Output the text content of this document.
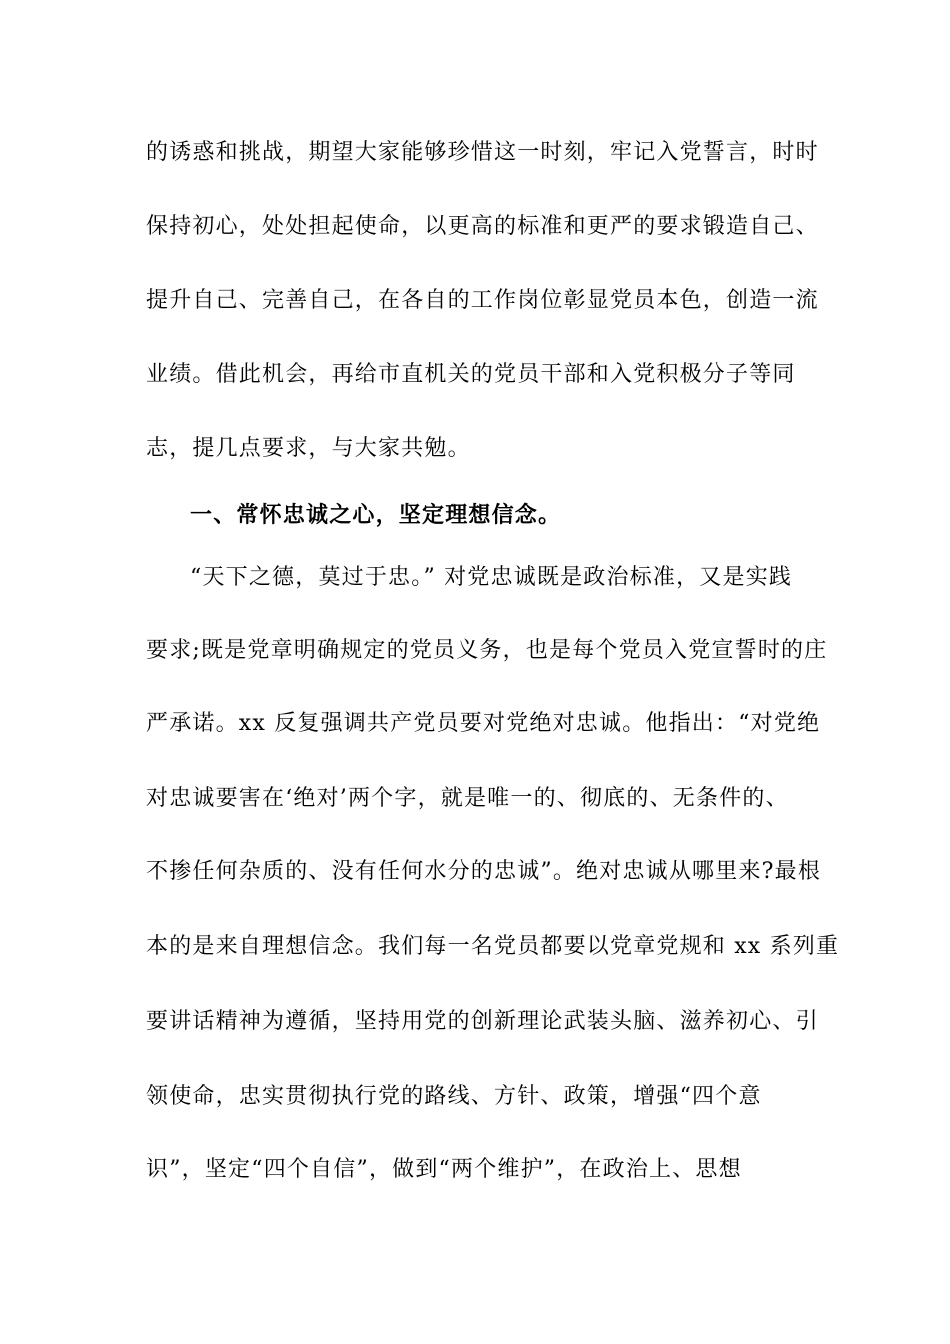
的诱惑和挑战，期望大家能够珍惜这一时刻，牢记入党誓言，时时
保持初心，处处担起使命，以更高的标准和更严的要求锻造自己、
提升自己、完善自己，在各自的工作岗位彰显党员本色，创造一流
业绩。借此机会，再给市直机关的党员干部和入党积极分子等同
志，提几点要求，与大家共勉。
一、常怀忠诚之心，坚定理想信念。
“天下之德，莫过于忠。” 对党忠诚既是政治标准，又是实践
要求;既是党章明确规定的党员义务，也是每个党员入党宣誓时的庄
严承诺。xx 反复强调共产党员要对党绝对忠诚。他指出：“对党绝
对忠诚要害在‘绝对’两个字，就是唯一的、彻底的、无条件的、
不掺任何杂质的、没有任何水分的忠诚”。绝对忠诚从哪里来?最根
本的是来自理想信念。我们每一名党员都要以党章党规和 xx 系列重
要讲话精神为遵循，坚持用党的创新理论武装头脑、滋养初心、引
领使命，忠实贯彻执行党的路线、方针、政策，增强“四个意
识”，坚定“四个自信”，做到“两个维护”，在政治上、思想
